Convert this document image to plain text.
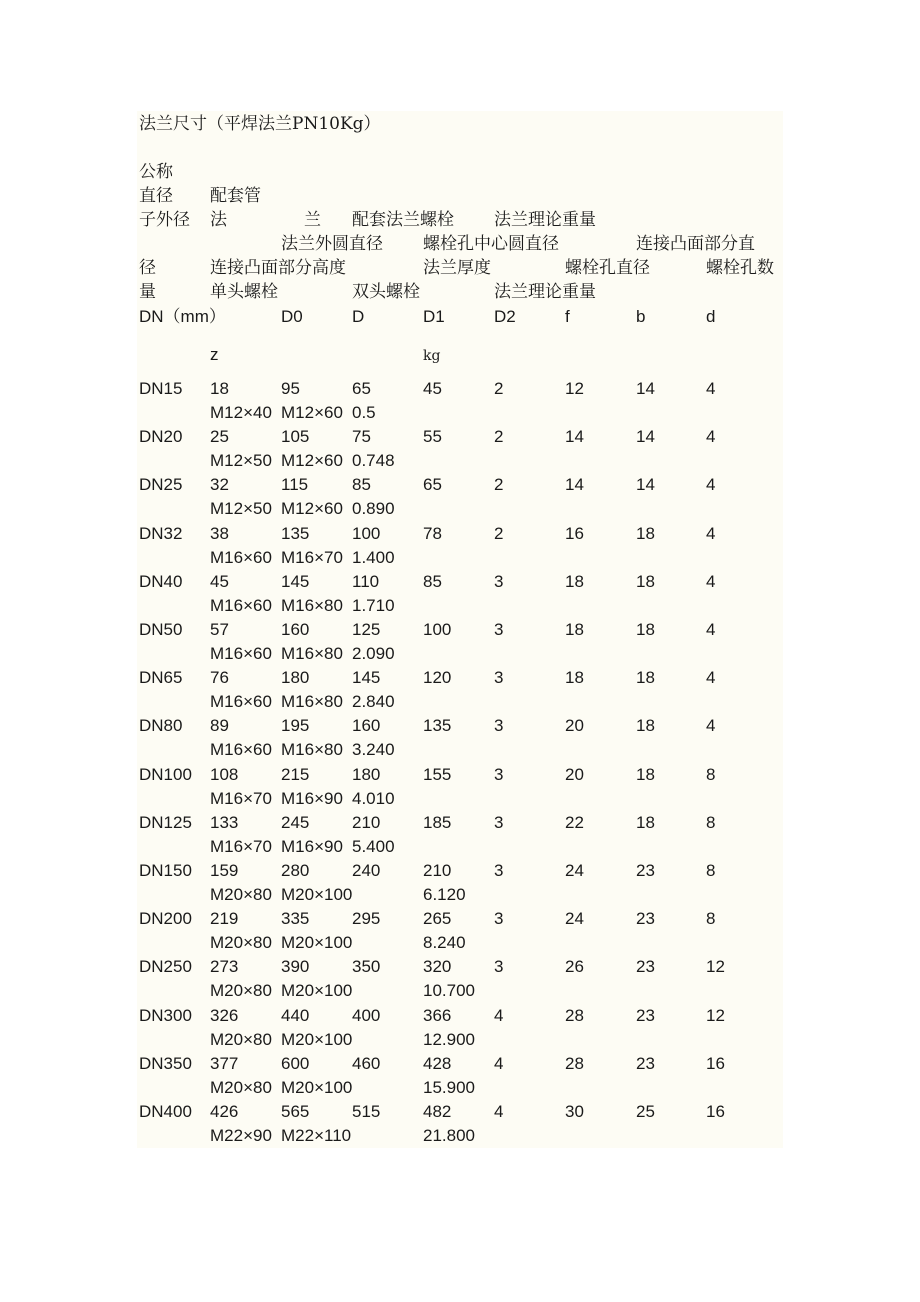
法兰尺寸（平焊法兰PN10Kg）
公称
直径 配套管
子外径 法	兰 配套法兰螺栓 法兰理论重量
法兰外圆直径 螺栓孔中心圆直径	连接凸面部分直
径	连接凸面部分高度	法兰厚度	螺栓孔直径	螺栓孔数
量	单头螺栓	双头螺栓	法兰理论重量
DN（mm）	D0	D	D1	D2	f	b	d
z	kg
DN15 18	95	65	45	2	12	14	4
M12×40 M12×60 0.5
DN20 25	105	75	55	2	14	14	4
M12×50 M12×60 0.748
DN25 32	115	85	65	2	14	14	4
M12×50 M12×60 0.890
DN32 38	135	100	78	2	16	18	4
M16×60 M16×70 1.400
DN40 45	145	110	85	3	18	18	4
M16×60 M16×80 1.710
DN50 57	160	125	100	3	18	18	4
M16×60 M16×80 2.090
DN65 76	180	145	120	3	18	18	4
M16×60 M16×80 2.840
DN80 89	195	160	135	3	20	18	4
M16×60 M16×80 3.240
DN100 108	215	180	155	3	20	18	8
M16×70 M16×90 4.010
DN125 133	245	210	185	3	22	18	8
M16×70 M16×90 5.400
DN150 159	280	240	210	3	24	23	8
M20×80 M20×100	6.120
DN200 219	335	295	265	3	24	23	8
M20×80 M20×100	8.240
DN250 273	390	350	320	3	26	23	12
M20×80 M20×100	10.700
DN300 326	440	400	366	4	28	23	12
M20×80 M20×100	12.900
DN350 377	600	460	428	4	28	23	16
M20×80 M20×100	15.900
DN400 426	565	515	482	4	30	25	16
M22×90 M22×110	21.800
